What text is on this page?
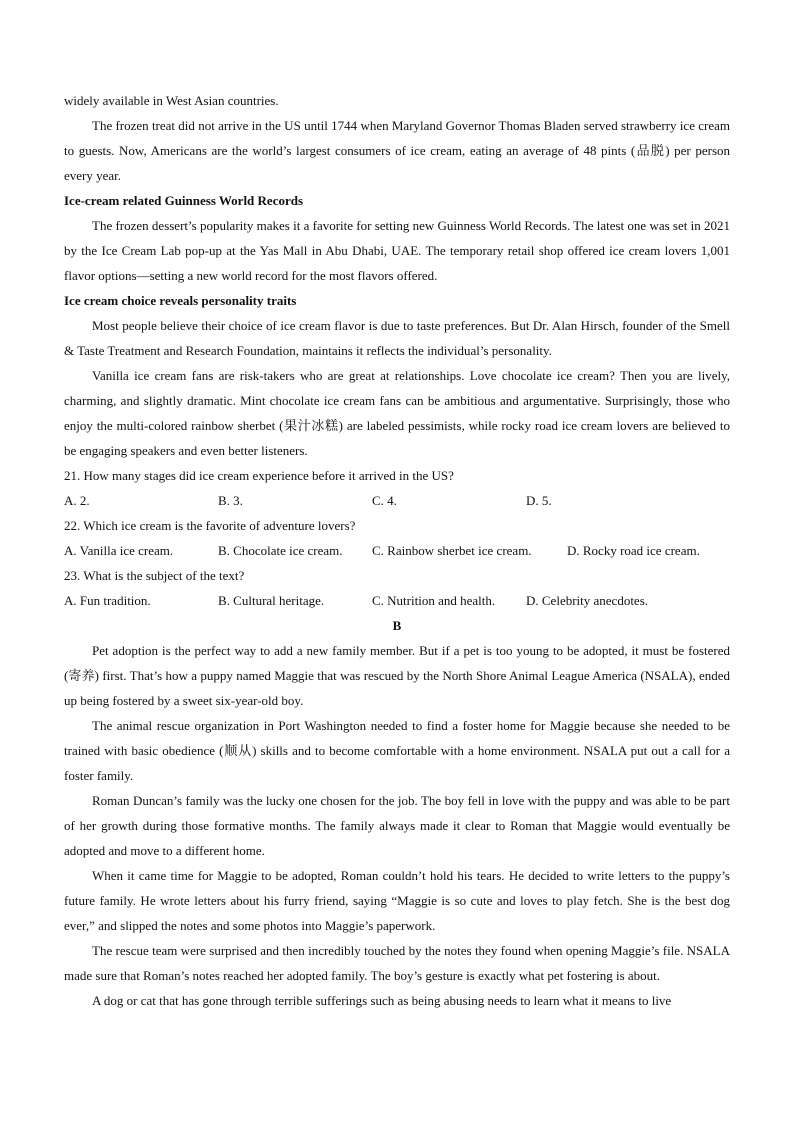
widely available in West Asian countries.

The frozen treat did not arrive in the US until 1744 when Maryland Governor Thomas Bladen served strawberry ice cream to guests. Now, Americans are the world’s largest consumers of ice cream, eating an average of 48 pints (品脱) per person every year.

Ice-cream related Guinness World Records

The frozen dessert’s popularity makes it a favorite for setting new Guinness World Records. The latest one was set in 2021 by the Ice Cream Lab pop-up at the Yas Mall in Abu Dhabi, UAE. The temporary retail shop offered ice cream lovers 1,001 flavor options—setting a new world record for the most flavors offered.

Ice cream choice reveals personality traits

Most people believe their choice of ice cream flavor is due to taste preferences. But Dr. Alan Hirsch, founder of the Smell & Taste Treatment and Research Foundation, maintains it reflects the individual’s personality.

Vanilla ice cream fans are risk-takers who are great at relationships. Love chocolate ice cream? Then you are lively, charming, and slightly dramatic. Mint chocolate ice cream fans can be ambitious and argumentative. Surprisingly, those who enjoy the multi-colored rainbow sherbet (果汁冰糕) are labeled pessimists, while rocky road ice cream lovers are believed to be engaging speakers and even better listeners.

21. How many stages did ice cream experience before it arrived in the US?

A. 2.	B. 3.	C. 4.	D. 5.

22. Which ice cream is the favorite of adventure lovers?

A. Vanilla ice cream.	B. Chocolate ice cream.	C. Rainbow sherbet ice cream.	D. Rocky road ice cream.

23. What is the subject of the text?

A. Fun tradition.	B. Cultural heritage.	C. Nutrition and health.	D. Celebrity anecdotes.

B

Pet adoption is the perfect way to add a new family member. But if a pet is too young to be adopted, it must be fostered (寄养) first. That’s how a puppy named Maggie that was rescued by the North Shore Animal League America (NSALA), ended up being fostered by a sweet six-year-old boy.

The animal rescue organization in Port Washington needed to find a foster home for Maggie because she needed to be trained with basic obedience (顺从) skills and to become comfortable with a home environment. NSALA put out a call for a foster family.

Roman Duncan’s family was the lucky one chosen for the job. The boy fell in love with the puppy and was able to be part of her growth during those formative months. The family always made it clear to Roman that Maggie would eventually be adopted and move to a different home.

When it came time for Maggie to be adopted, Roman couldn’t hold his tears. He decided to write letters to the puppy’s future family. He wrote letters about his furry friend, saying “Maggie is so cute and loves to play fetch. She is the best dog ever,” and slipped the notes and some photos into Maggie’s paperwork.

The rescue team were surprised and then incredibly touched by the notes they found when opening Maggie’s file. NSALA made sure that Roman’s notes reached her adopted family. The boy’s gesture is exactly what pet fostering is about.

A dog or cat that has gone through terrible sufferings such as being abusing needs to learn what it means to live
